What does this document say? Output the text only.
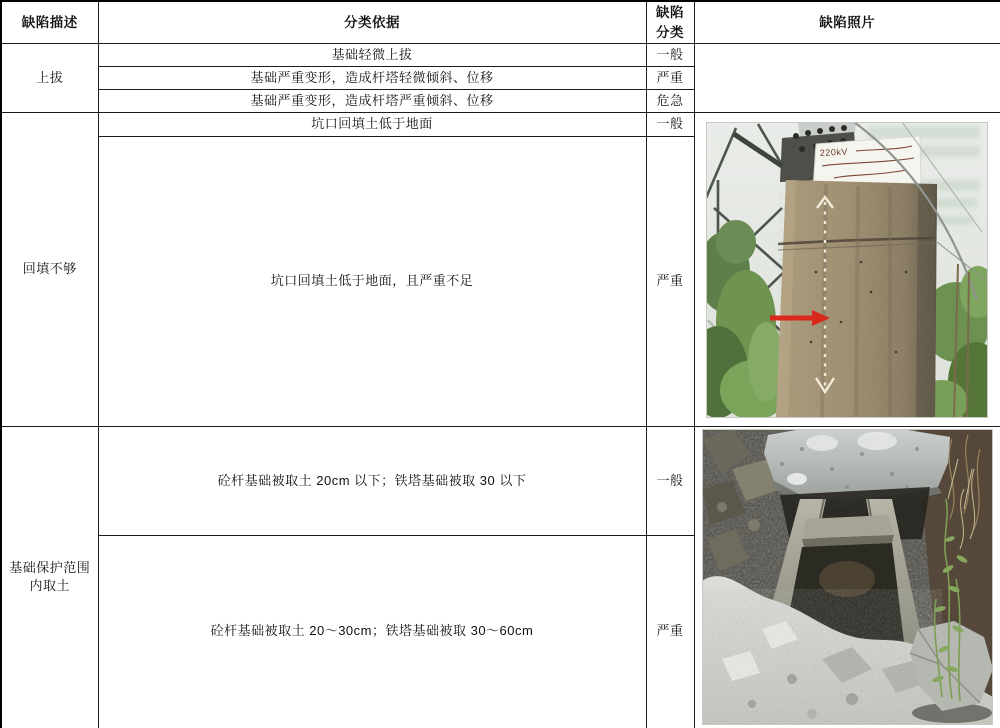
缺陷描述	分类依据	缺陷分类	缺陷照片
上拔	基础轻微上拔	一般	
	基础严重变形，造成杆塔轻微倾斜、位移	严重	
	基础严重变形，造成杆塔严重倾斜、位移	危急	
回填不够	坑口回填土低于地面	一般	220kV

	坑口回填土低于地面，且严重不足	严重	
基础保护范围内取土	砼杆基础被取土 20cm 以下；铁塔基础被取 30 以下	一般	
	砼杆基础被取土 20～30cm；铁塔基础被取 30～60cm	严重	
